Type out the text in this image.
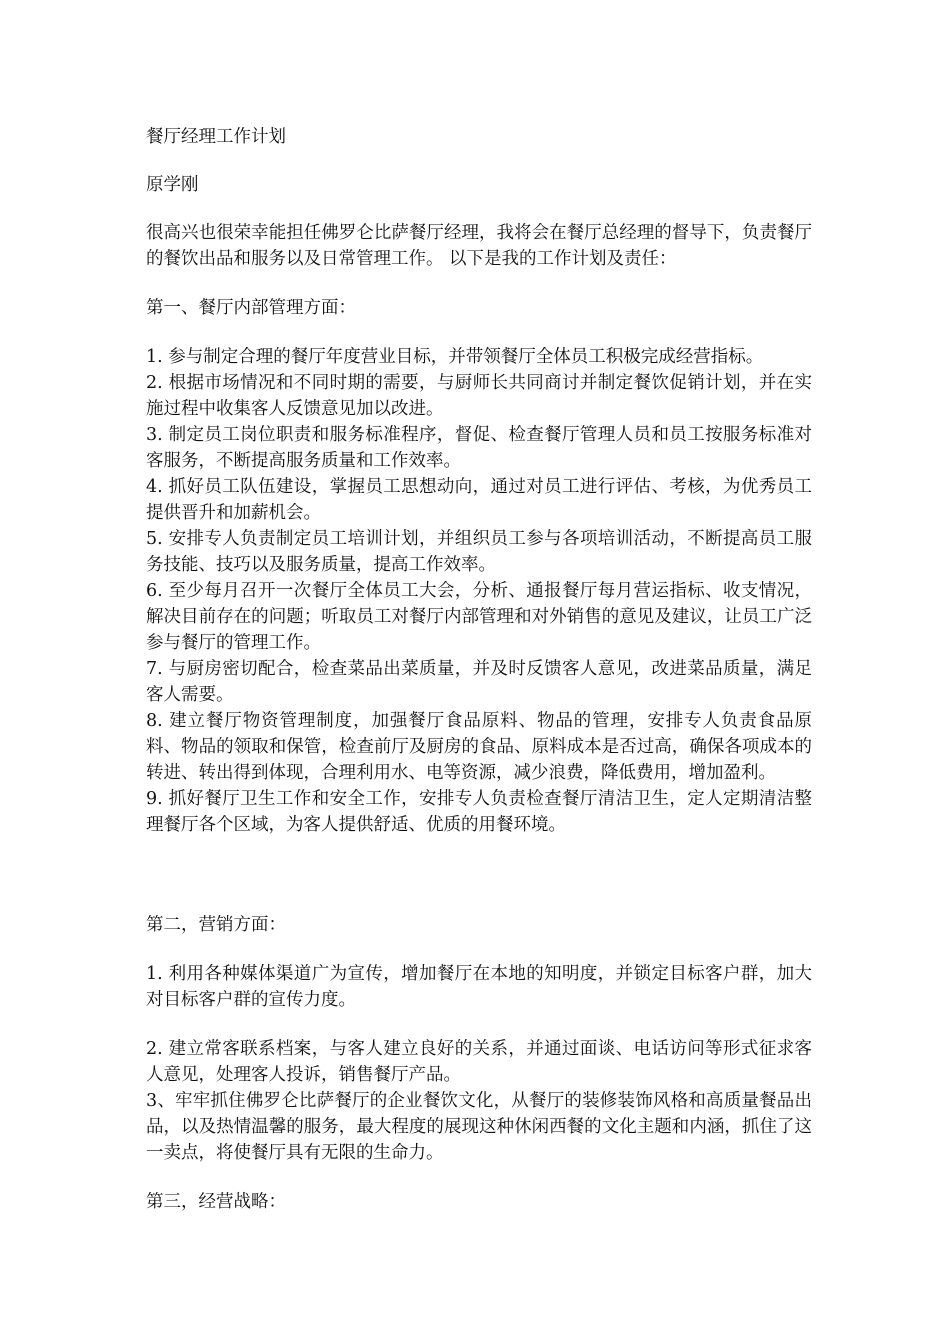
餐厅经理工作计划

原学刚

很高兴也很荣幸能担任佛罗仑比萨餐厅经理，我将会在餐厅总经理的督导下，负责餐厅的餐饮出品和服务以及日常管理工作。 以下是我的工作计划及责任：

第一、餐厅内部管理方面：

1. 参与制定合理的餐厅年度营业目标，并带领餐厅全体员工积极完成经营指标。

2. 根据市场情况和不同时期的需要，与厨师长共同商讨并制定餐饮促销计划，并在实施过程中收集客人反馈意见加以改进。

3. 制定员工岗位职责和服务标准程序，督促、检查餐厅管理人员和员工按服务标准对客服务，不断提高服务质量和工作效率。

4. 抓好员工队伍建设，掌握员工思想动向，通过对员工进行评估、考核，为优秀员工提供晋升和加薪机会。

5. 安排专人负责制定员工培训计划，并组织员工参与各项培训活动，不断提高员工服务技能、技巧以及服务质量，提高工作效率。

6. 至少每月召开一次餐厅全体员工大会，分析、通报餐厅每月营运指标、收支情况，解决目前存在的问题；听取员工对餐厅内部管理和对外销售的意见及建议，让员工广泛参与餐厅的管理工作。

7. 与厨房密切配合，检查菜品出菜质量，并及时反馈客人意见，改进菜品质量，满足客人需要。

8. 建立餐厅物资管理制度，加强餐厅食品原料、物品的管理，安排专人负责食品原料、物品的领取和保管，检查前厅及厨房的食品、原料成本是否过高，确保各项成本的转进、转出得到体现，合理利用水、电等资源，减少浪费，降低费用，增加盈利。

9. 抓好餐厅卫生工作和安全工作，安排专人负责检查餐厅清洁卫生，定人定期清洁整理餐厅各个区域，为客人提供舒适、优质的用餐环境。

第二，营销方面：

1. 利用各种媒体渠道广为宣传，增加餐厅在本地的知明度，并锁定目标客户群，加大对目标客户群的宣传力度。

2. 建立常客联系档案，与客人建立良好的关系，并通过面谈、电话访问等形式征求客人意见，处理客人投诉，销售餐厅产品。

3、牢牢抓住佛罗仑比萨餐厅的企业餐饮文化，从餐厅的装修装饰风格和高质量餐品出品，以及热情温馨的服务，最大程度的展现这种休闲西餐的文化主题和内涵，抓住了这一卖点，将使餐厅具有无限的生命力。

第三，经营战略：
